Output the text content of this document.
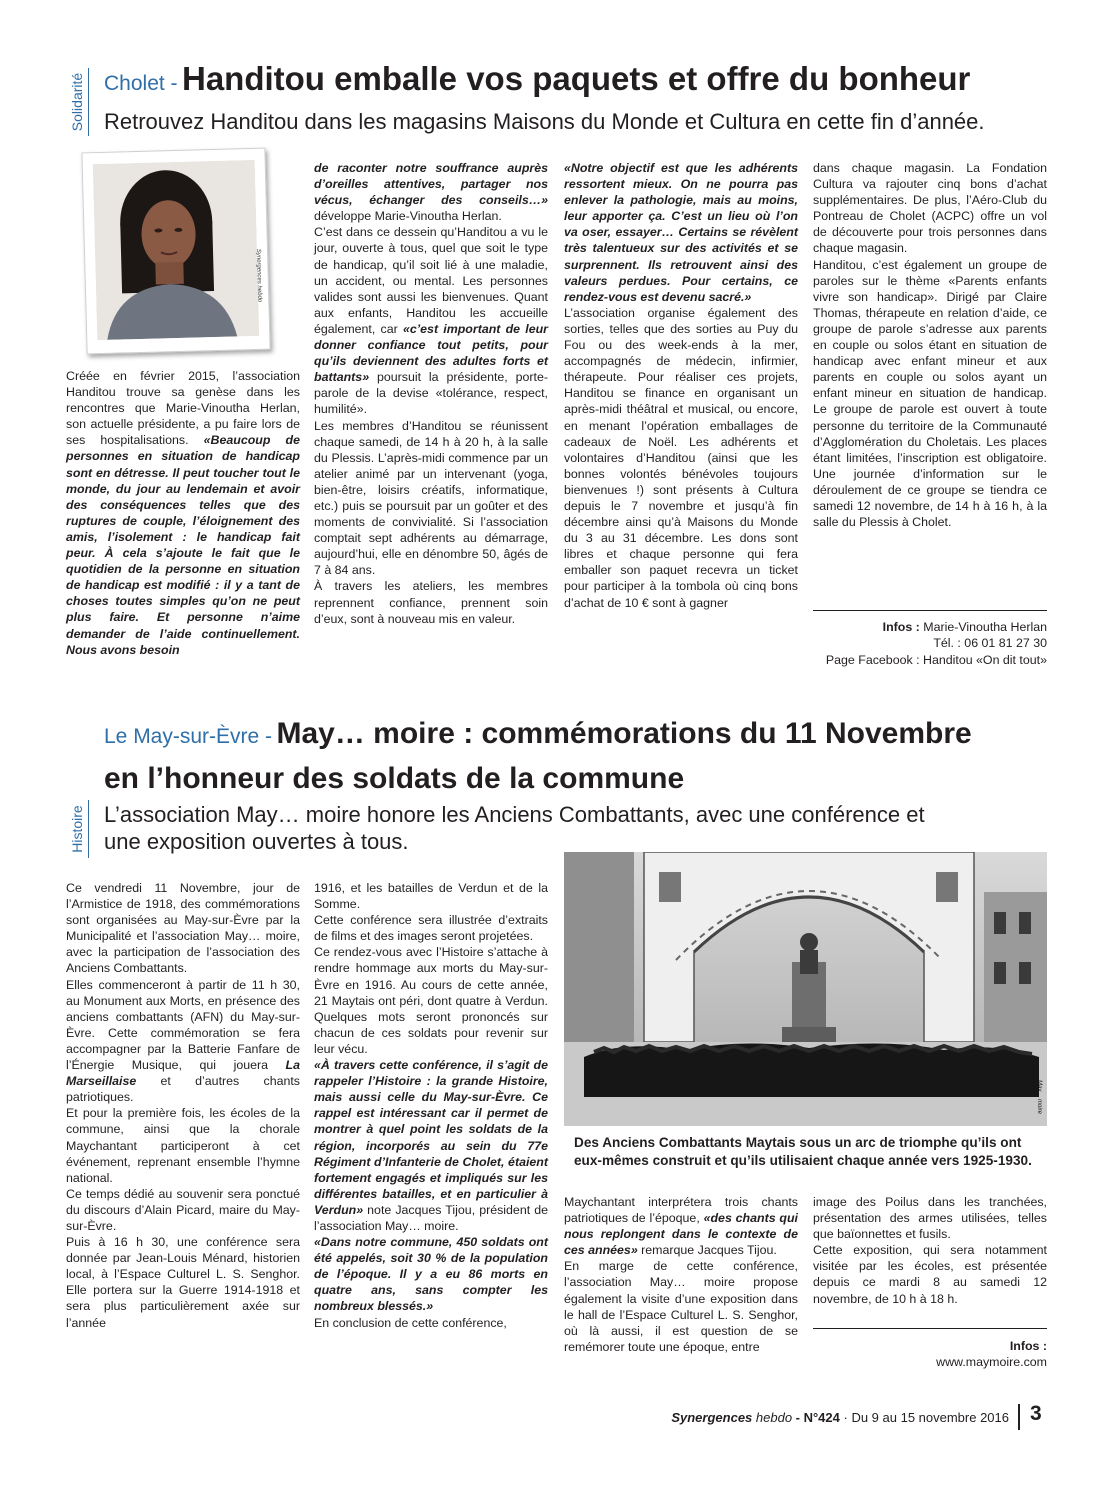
Solidarité Cholet - Handitou emballe vos paquets et offre du bonheur
Retrouvez Handitou dans les magasins Maisons du Monde et Cultura en cette fin d’année.
Synergences hebdo

Créée en février 2015, l’association Handitou trouve sa genèse dans les rencontres que Marie-Vinoutha Herlan, son actuelle présidente, a pu faire lors de ses hospitalisations. «Beaucoup de personnes en situation de handicap sont en détresse. Il peut toucher tout le monde, du jour au lendemain et avoir des conséquences telles que des ruptures de couple, l’éloignement des amis, l’isolement : le handicap fait peur. À cela s’ajoute le fait que le quotidien de la personne en situation de handicap est modifié : il y a tant de choses toutes simples qu’on ne peut plus faire. Et personne n’aime demander de l’aide continuellement. Nous avons besoin

de raconter notre souffrance auprès d’oreilles attentives, partager nos vécus, échanger des conseils…» développe Marie-Vinoutha Herlan.

C’est dans ce dessein qu’Handitou a vu le jour, ouverte à tous, quel que soit le type de handicap, qu’il soit lié à une maladie, un accident, ou mental. Les personnes valides sont aussi les bienvenues. Quant aux enfants, Handitou les accueille également, car «c’est important de leur donner confiance tout petits, pour qu’ils deviennent des adultes forts et battants» poursuit la présidente, porte-parole de la devise «tolérance, respect, humilité».

Les membres d’Handitou se réunissent chaque samedi, de 14 h à 20 h, à la salle du Plessis. L’après-midi commence par un atelier animé par un intervenant (yoga, bien-être, loisirs créatifs, informatique, etc.) puis se poursuit par un goûter et des moments de convivialité. Si l’association comptait sept adhérents au démarrage, aujourd’hui, elle en dénombre 50, âgés de 7 à 84 ans.

À travers les ateliers, les membres reprennent confiance, prennent soin d’eux, sont à nouveau mis en valeur.

«Notre objectif est que les adhérents ressortent mieux. On ne pourra pas enlever la pathologie, mais au moins, leur apporter ça. C’est un lieu où l’on va oser, essayer… Certains se révèlent très talentueux sur des activités et se surprennent. Ils retrouvent ainsi des valeurs perdues. Pour certains, ce rendez-vous est devenu sacré.»

L’association organise également des sorties, telles que des sorties au Puy du Fou ou des week-ends à la mer, accompagnés de médecin, infirmier, thérapeute. Pour réaliser ces projets, Handitou se finance en organisant un après-midi théâtral et musical, ou encore, en menant l’opération emballages de cadeaux de Noël. Les adhérents et volontaires d’Handitou (ainsi que les bonnes volontés bénévoles toujours bienvenues !) sont présents à Cultura depuis le 7 novembre et jusqu’à fin décembre ainsi qu’à Maisons du Monde du 3 au 31 décembre. Les dons sont libres et chaque personne qui fera emballer son paquet recevra un ticket pour participer à la tombola où cinq bons d’achat de 10 € sont à gagner

dans chaque magasin. La Fondation Cultura va rajouter cinq bons d’achat supplémentaires. De plus, l’Aéro-Club du Pontreau de Cholet (ACPC) offre un vol de découverte pour trois personnes dans chaque magasin.

Handitou, c’est également un groupe de paroles sur le thème «Parents enfants vivre son handicap». Dirigé par Claire Thomas, thérapeute en relation d’aide, ce groupe de parole s’adresse aux parents en couple ou solos étant en situation de handicap avec enfant mineur et aux parents en couple ou solos ayant un enfant mineur en situation de handicap. Le groupe de parole est ouvert à toute personne du territoire de la Communauté d’Agglomération du Choletais. Les places étant limitées, l’inscription est obligatoire. Une journée d’information sur le déroulement de ce groupe se tiendra ce samedi 12 novembre, de 14 h à 16 h, à la salle du Plessis à Cholet.

Infos : Marie-Vinoutha Herlan
Tél. : 06 01 81 27 30
Page Facebook : Handitou «On dit tout»
Le May-sur-Èvre - May… moire : commémorations du 11 Novembre
en l’honneur des soldats de la commune
Histoire L’association May… moire honore les Anciens Combattants, avec une conférence et
une exposition ouvertes à tous.

Ce vendredi 11 Novembre, jour de l’Armistice de 1918, des commémorations sont organisées au May-sur-Èvre par la Municipalité et l’association May… moire, avec la participation de l’association des Anciens Combattants.

Elles commenceront à partir de 11 h 30, au Monument aux Morts, en présence des anciens combattants (AFN) du May-sur-Èvre. Cette commémoration se fera accompagner par la Batterie Fanfare de l’Énergie Musique, qui jouera La Marseillaise et d’autres chants patriotiques.

Et pour la première fois, les écoles de la commune, ainsi que la chorale Maychantant participeront à cet événement, reprenant ensemble l’hymne national.

Ce temps dédié au souvenir sera ponctué du discours d’Alain Picard, maire du May-sur-Èvre.

Puis à 16 h 30, une conférence sera donnée par Jean-Louis Ménard, historien local, à l’Espace Culturel L. S. Senghor. Elle portera sur la Guerre 1914-1918 et sera plus particulièrement axée sur l’année

1916, et les batailles de Verdun et de la Somme.

Cette conférence sera illustrée d’extraits de films et des images seront projetées.

Ce rendez-vous avec l’Histoire s’attache à rendre hommage aux morts du May-sur-Èvre en 1916. Au cours de cette année, 21 Maytais ont péri, dont quatre à Verdun. Quelques mots seront prononcés sur chacun de ces soldats pour revenir sur leur vécu.

«À travers cette conférence, il s’agit de rappeler l’Histoire : la grande Histoire, mais aussi celle du May-sur-Èvre. Ce rappel est intéressant car il permet de montrer à quel point les soldats de la région, incorporés au sein du 77e Régiment d’Infanterie de Cholet, étaient fortement engagés et impliqués sur les différentes batailles, et en particulier à Verdun» note Jacques Tijou, président de l’association May… moire.

«Dans notre commune, 450 soldats ont été appelés, soit 30 % de la population de l’époque. Il y a eu 86 morts en quatre ans, sans compter les nombreux blessés.»

En conclusion de cette conférence,

May… moire
Des Anciens Combattants Maytais sous un arc de triomphe qu’ils ont eux-mêmes construit et qu’ils utilisaient chaque année vers 1925-1930.

Maychantant interprétera trois chants patriotiques de l’époque, «des chants qui nous replongent dans le contexte de ces années» remarque Jacques Tijou.

En marge de cette conférence, l’association May… moire propose également la visite d’une exposition dans le hall de l’Espace Culturel L. S. Senghor, où là aussi, il est question de se remémorer toute une époque, entre

image des Poilus dans les tranchées, présentation des armes utilisées, telles que baïonnettes et fusils.

Cette exposition, qui sera notamment visitée par les écoles, est présentée depuis ce mardi 8 au samedi 12 novembre, de 10 h à 18 h.

Infos :
www.maymoire.com
Synergences hebdo - N°424 · Du 9 au 15 novembre 2016 3
